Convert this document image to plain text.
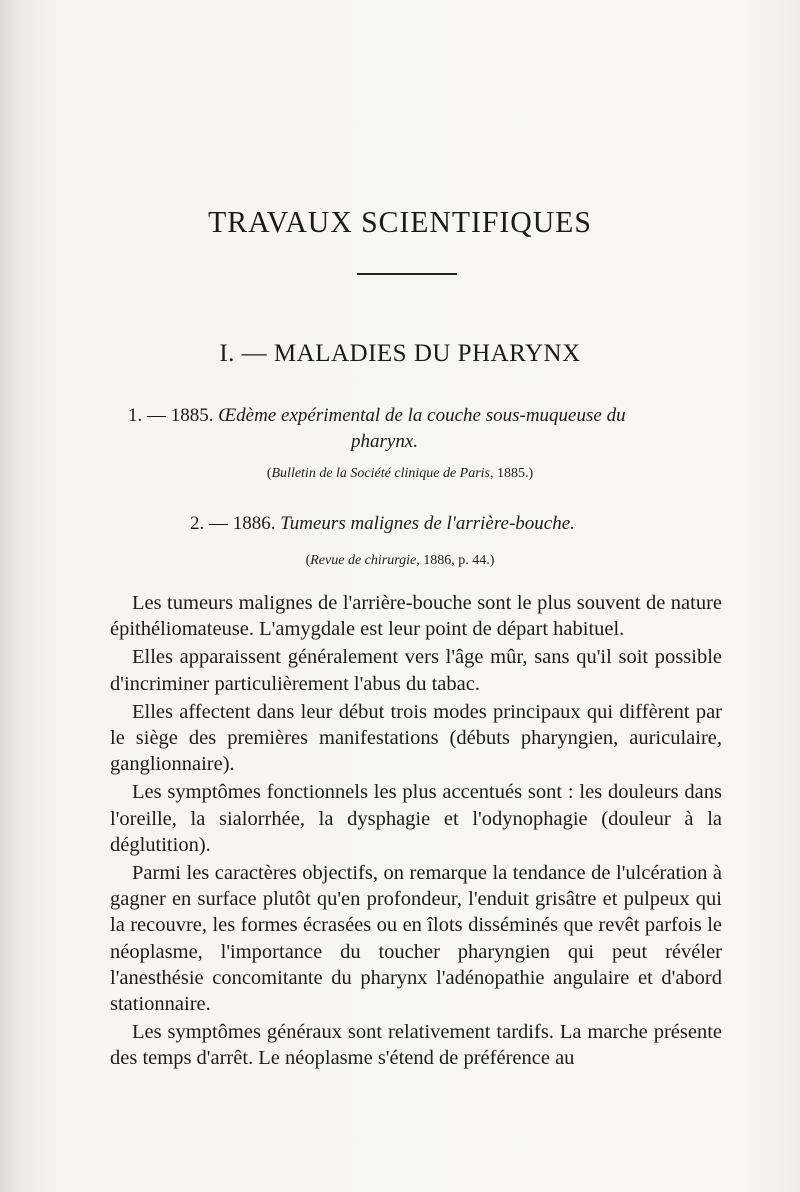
TRAVAUX SCIENTIFIQUES
I. — MALADIES DU PHARYNX
1. — 1885. Œdème expérimental de la couche sous-muqueuse du
pharynx.
(Bulletin de la Société clinique de Paris, 1885.)
2. — 1886. Tumeurs malignes de l'arrière-bouche.
(Revue de chirurgie, 1886, p. 44.)

Les tumeurs malignes de l'arrière-bouche sont le plus souvent de nature épithéliomateuse. L'amygdale est leur point de départ habituel.

Elles apparaissent généralement vers l'âge mûr, sans qu'il soit possible d'incriminer particulièrement l'abus du tabac.

Elles affectent dans leur début trois modes principaux qui diffèrent par le siège des premières manifestations (débuts pharyngien, auriculaire, ganglionnaire).

Les symptômes fonctionnels les plus accentués sont : les douleurs dans l'oreille, la sialorrhée, la dysphagie et l'odynophagie (douleur à la déglutition).

Parmi les caractères objectifs, on remarque la tendance de l'ulcération à gagner en surface plutôt qu'en profondeur, l'enduit grisâtre et pulpeux qui la recouvre, les formes écrasées ou en îlots disséminés que revêt parfois le néoplasme, l'importance du toucher pharyngien qui peut révéler l'anesthésie concomitante du pharynx l'adénopathie angulaire et d'abord stationnaire.

Les symptômes généraux sont relativement tardifs. La marche présente des temps d'arrêt. Le néoplasme s'étend de préférence au
